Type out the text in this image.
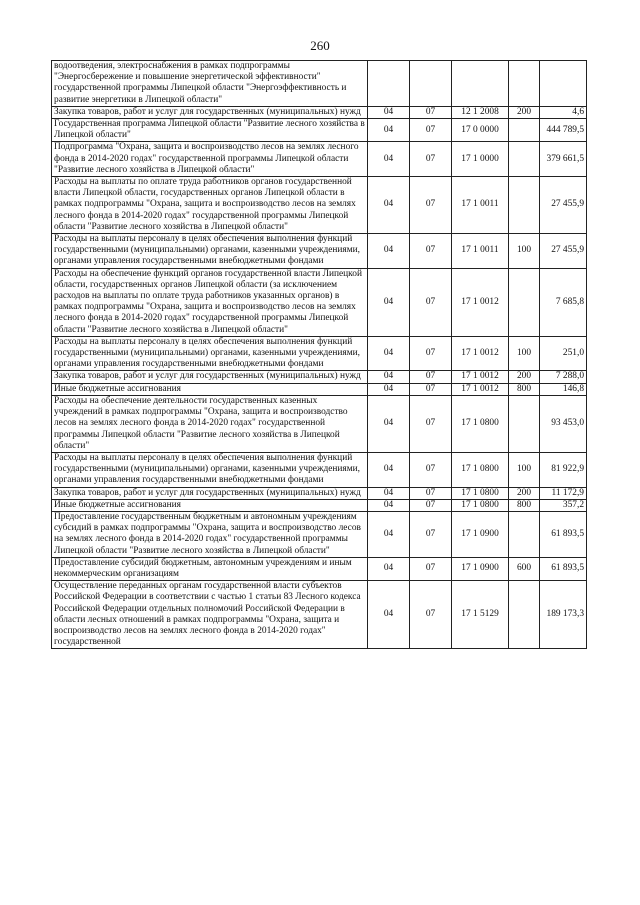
260
водоотведения, электроснабжения в рамках подпрограммы "Энергосбережение и повышение энергетической эффективности" государственной программы Липецкой области "Энергоэффективность и развитие энергетики в Липецкой области"					
Закупка товаров, работ и услуг для государственных (муниципальных) нужд	04	07	12 1 2008	200	4,6
Государственная программа Липецкой области "Развитие лесного хозяйства в Липецкой области"	04	07	17 0 0000		444 789,5
Подпрограмма "Охрана, защита и воспроизводство лесов на землях лесного фонда в 2014-2020 годах" государственной программы Липецкой области "Развитие лесного хозяйства в Липецкой области"	04	07	17 1 0000		379 661,5
Расходы на выплаты по оплате труда работников органов государственной власти Липецкой области, государственных органов Липецкой области в рамках подпрограммы "Охрана, защита и воспроизводство лесов на землях лесного фонда в 2014-2020 годах" государственной программы Липецкой области "Развитие лесного хозяйства в Липецкой области"	04	07	17 1 0011		27 455,9
Расходы на выплаты персоналу в целях обеспечения выполнения функций государственными (муниципальными) органами, казенными учреждениями, органами управления государственными внебюджетными фондами	04	07	17 1 0011	100	27 455,9
Расходы на обеспечение функций органов государственной власти Липецкой области, государственных органов Липецкой области (за исключением расходов на выплаты по оплате труда работников указанных органов) в рамках подпрограммы "Охрана, защита и воспроизводство лесов на землях лесного фонда в 2014-2020 годах" государственной программы Липецкой области "Развитие лесного хозяйства в Липецкой области"	04	07	17 1 0012		7 685,8
Расходы на выплаты персоналу в целях обеспечения выполнения функций государственными (муниципальными) органами, казенными учреждениями, органами управления государственными внебюджетными фондами	04	07	17 1 0012	100	251,0
Закупка товаров, работ и услуг для государственных (муниципальных) нужд	04	07	17 1 0012	200	7 288,0
Иные бюджетные ассигнования	04	07	17 1 0012	800	146,8
Расходы на обеспечение деятельности государственных казенных учреждений в рамках подпрограммы "Охрана, защита и воспроизводство лесов на землях лесного фонда в 2014-2020 годах" государственной программы Липецкой области "Развитие лесного хозяйства в Липецкой области"	04	07	17 1 0800		93 453,0
Расходы на выплаты персоналу в целях обеспечения выполнения функций государственными (муниципальными) органами, казенными учреждениями, органами управления государственными внебюджетными фондами	04	07	17 1 0800	100	81 922,9
Закупка товаров, работ и услуг для государственных (муниципальных) нужд	04	07	17 1 0800	200	11 172,9
Иные бюджетные ассигнования	04	07	17 1 0800	800	357,2
Предоставление государственным бюджетным и автономным учреждениям субсидий в рамках подпрограммы "Охрана, защита и воспроизводство лесов на землях лесного фонда в 2014-2020 годах" государственной программы Липецкой области "Развитие лесного хозяйства в Липецкой области"	04	07	17 1 0900		61 893,5
Предоставление субсидий бюджетным, автономным учреждениям и иным некоммерческим организациям	04	07	17 1 0900	600	61 893,5
Осуществление переданных органам государственной власти субъектов Российской Федерации в соответствии с частью 1 статьи 83 Лесного кодекса Российской Федерации отдельных полномочий Российской Федерации в области лесных отношений в рамках подпрограммы "Охрана, защита и воспроизводство лесов на землях лесного фонда в 2014-2020 годах" государственной	04	07	17 1 5129		189 173,3
